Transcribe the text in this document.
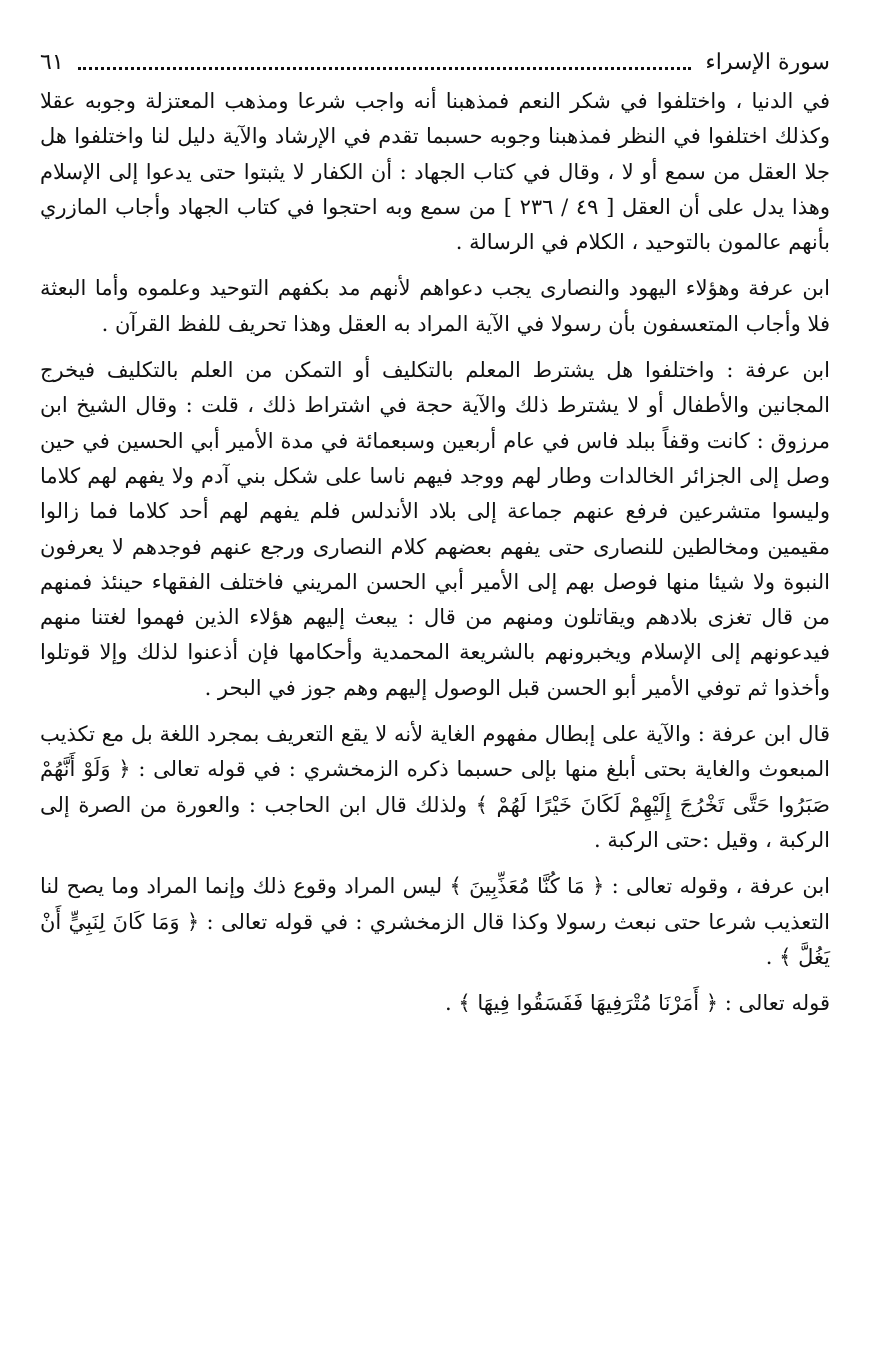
سورة الإسراء
٦١

في الدنيا ، واختلفوا في شكر النعم فمذهبنا أنه واجب شرعا ومذهب المعتزلة وجوبه عقلا وكذلك اختلفوا في النظر فمذهبنا وجوبه حسبما تقدم في الإرشاد والآية دليل لنا واختلفوا هل جلا العقل من سمع أو لا ، وقال في كتاب الجهاد : أن الكفار لا يثبتوا حتى يدعوا إلى الإسلام وهذا يدل على أن العقل [ ٤٩ / ٢٣٦ ] من سمع وبه احتجوا في كتاب الجهاد وأجاب المازري بأنهم عالمون بالتوحيد ، الكلام في الرسالة .

ابن عرفة وهؤلاء اليهود والنصارى يجب دعواهم لأنهم مد بكفهم التوحيد وعلموه وأما البعثة فلا وأجاب المتعسفون بأن رسولا في الآية المراد به العقل وهذا تحريف للفظ القرآن .

ابن عرفة : واختلفوا هل يشترط المعلم بالتكليف أو التمكن من العلم بالتكليف فيخرج المجانين والأطفال أو لا يشترط ذلك والآية حجة في اشتراط ذلك ، قلت : وقال الشيخ ابن مرزوق : كانت وقفاً ببلد فاس في عام أربعين وسبعمائة في مدة الأمير أبي الحسين في حين وصل إلى الجزائر الخالدات وطار لهم ووجد فيهم ناسا على شكل بني آدم ولا يفهم لهم كلاما وليسوا متشرعين فرفع عنهم جماعة إلى بلاد الأندلس فلم يفهم لهم أحد كلاما فما زالوا مقيمين ومخالطين للنصارى حتى يفهم بعضهم كلام النصارى ورجع عنهم فوجدهم لا يعرفون النبوة ولا شيئا منها فوصل بهم إلى الأمير أبي الحسن المريني فاختلف الفقهاء حينئذ فمنهم من قال تغزى بلادهم ويقاتلون ومنهم من قال : يبعث إليهم هؤلاء الذين فهموا لغتنا منهم فيدعونهم إلى الإسلام ويخبرونهم بالشريعة المحمدية وأحكامها فإن أذعنوا لذلك وإلا قوتلوا وأخذوا ثم توفي الأمير أبو الحسن قبل الوصول إليهم وهم جوز في البحر .

قال ابن عرفة : والآية على إبطال مفهوم الغاية لأنه لا يقع التعريف بمجرد اللغة بل مع تكذيب المبعوث والغاية بحتى أبلغ منها بإلى حسبما ذكره الزمخشري : في قوله تعالى : ﴿ وَلَوْ أَنَّهُمْ صَبَرُوا حَتَّى تَخْرُجَ إِلَيْهِمْ لَكَانَ خَيْرًا لَهُمْ ﴾ ولذلك قال ابن الحاجب : والعورة من الصرة إلى الركبة ، وقيل :حتى الركبة .

ابن عرفة ، وقوله تعالى : ﴿ مَا كُنَّا مُعَذِّبِينَ ﴾ ليس المراد وقوع ذلك وإنما المراد وما يصح لنا التعذيب شرعا حتى نبعث رسولا وكذا قال الزمخشري : في قوله تعالى : ﴿ وَمَا كَانَ لِنَبِيٍّ أَنْ يَغُلَّ ﴾ .

قوله تعالى : ﴿ أَمَرْنَا مُتْرَفِيهَا فَفَسَقُوا فِيهَا ﴾ .
